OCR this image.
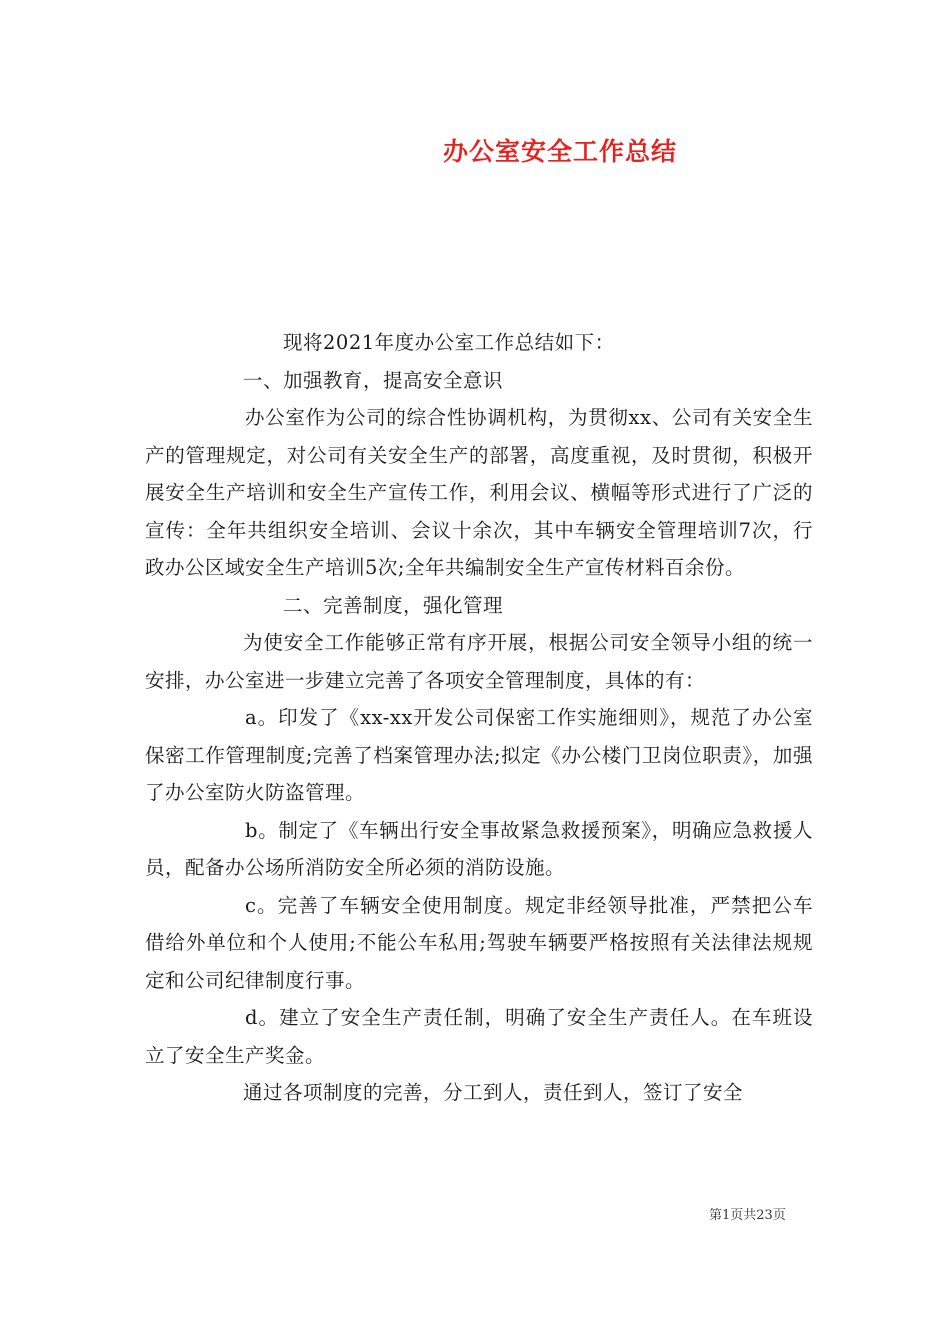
办公室安全工作总结

现将2021年度办公室工作总结如下：

一、加强教育，提高安全意识

办公室作为公司的综合性协调机构，为贯彻xx、公司有关安全生产的管理规定，对公司有关安全生产的部署，高度重视，及时贯彻，积极开展安全生产培训和安全生产宣传工作，利用会议、横幅等形式进行了广泛的宣传：全年共组织安全培训、会议十余次，其中车辆安全管理培训7次，行政办公区域安全生产培训5次;全年共编制安全生产宣传材料百余份。

二、完善制度，强化管理

为使安全工作能够正常有序开展，根据公司安全领导小组的统一安排，办公室进一步建立完善了各项安全管理制度，具体的有：

a。印发了《xx-xx开发公司保密工作实施细则》，规范了办公室保密工作管理制度;完善了档案管理办法;拟定《办公楼门卫岗位职责》，加强了办公室防火防盗管理。

b。制定了《车辆出行安全事故紧急救援预案》，明确应急救援人员，配备办公场所消防安全所必须的消防设施。

c。完善了车辆安全使用制度。规定非经领导批准，严禁把公车借给外单位和个人使用;不能公车私用;驾驶车辆要严格按照有关法律法规规定和公司纪律制度行事。

d。建立了安全生产责任制，明确了安全生产责任人。在车班设立了安全生产奖金。

通过各项制度的完善，分工到人，责任到人，签订了安全

第1页共23页
